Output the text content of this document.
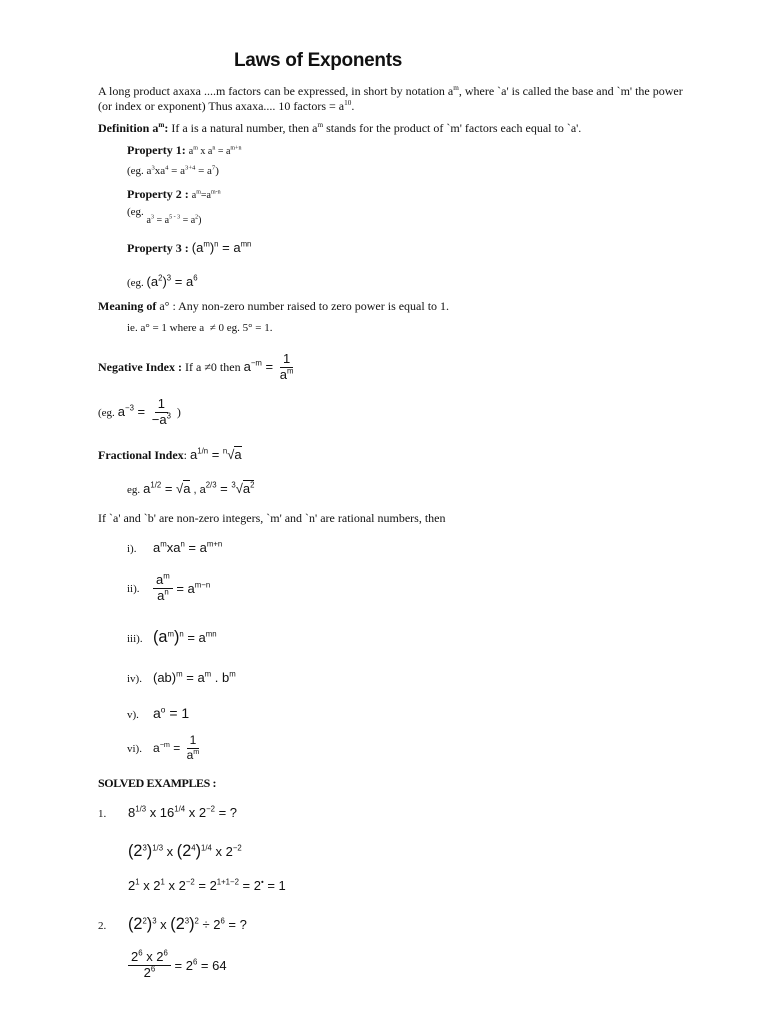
Laws of Exponents
A long product axaxa ....m factors can be expressed, in short by notation $a^m$, where `a' is called the base and `m' the power (or index or exponent) Thus axaxa.... 10 factors = $a^{10}$.
Definition $a^m$: If a is a natural number, then $a^m$ stands for the product of `m' factors each equal to `a'.
Property 1: $a^m$ x $a^n = a^{m+n}$
(eg. $a^3xa^4 = a^{3+4} = a^7$)
Property 2 : $a^m=a^{m-n}$
(eg. $a^3 = a^{5 - 3} = a^2$)
Property 3 : $(a^m)^n = a^{mn}$
(eg. $(a^2)^3 = a^6$
Meaning of a° : Any non-zero number raised to zero power is equal to 1.
ie. a° = 1 where a ≠ 0 eg. 5° = 1.
Negative Index : If a ≠0 then $a^{-m} = \frac{1}{a^m}$
(eg. $a^{-3} = \frac{1}{-a^3}$ )
Fractional Index: $a^{1/n} = ^n√a$
eg. $a^{1/2} = √a$ , $a^{2/3} = ^3√a^2$
If `a' and `b' are non-zero integers, `m' and `n' are rational numbers, then
i). $a^mxa^n = a^{m+n}$
ii). $\frac{a^m}{a^n} = a^{m-n}$
iii). $(a^m)^n = a^{mn}$
iv). $(ab)^m = a^m$ . $b^m$
v). $a^o = 1$
vi). $a^{-m} = \frac{1}{a^m}$
SOLVED EXAMPLES :
1. $8^{1/3}$ x $16^{1/4}$ x $2^{-2}$ = ?
$(2^3)^{1/3}$ x $(2^4)^{1/4}$ x $2^{-2}$
$2^1$ x $2^1$ x $2^{-2} = 2^{1+1-2} = 2^• = 1$
2. $(2^2)^3$ x $(2^3)^2 \div 2^6$ = ?
$\frac{2^6 x 2^6}{2^6} = 2^6 = 64$
